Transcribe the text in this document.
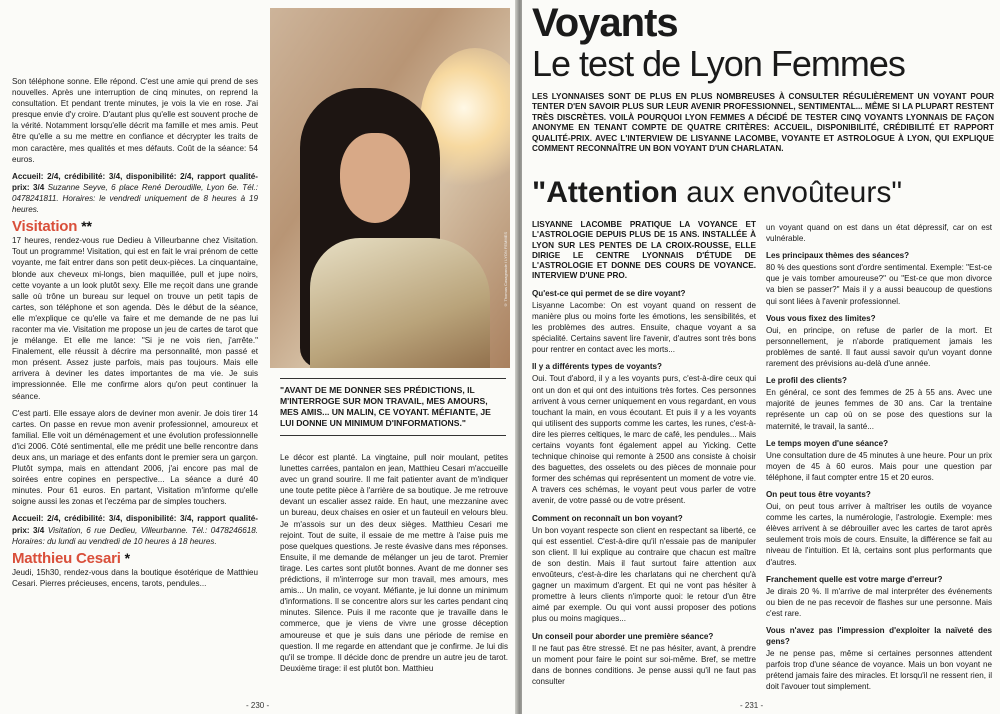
Son téléphone sonne. Elle répond. C'est une amie qui prend de ses nouvelles. Après une interruption de cinq minutes, on reprend la consultation. Et pendant trente minutes, je vois la vie en rose. J'ai presque envie d'y croire. D'autant plus qu'elle est souvent proche de la vérité. Notamment lorsqu'elle décrit ma famille et mes amis. Peut être qu'elle a su me mettre en confiance et décrypter les traits de mon caractère, mes qualités et mes défauts. Coût de la séance: 54 euros.

Accueil: 2/4, crédibilité: 3/4, disponibilité: 2/4, rapport qualité-prix: 3/4 Suzanne Seyve, 6 place René Deroudille, Lyon 6e. Tél.: 0478241811. Horaires: le vendredi uniquement de 8 heures à 19 heures.

Visitation **

17 heures, rendez-vous rue Dedieu à Villeurbanne chez Visitation. Tout un programme! Visitation, qui est en fait le vrai prénom de cette voyante, me fait entrer dans son petit deux-pièces. La cinquantaine, blonde aux cheveux mi-longs, bien maquillée, pull et jupe noirs, cette voyante a un look plutôt sexy. Elle me reçoit dans une grande salle où trône un bureau sur lequel on trouve un petit tapis de cartes, son téléphone et son agenda. Dès le début de la séance, elle m'explique ce qu'elle va faire et me demande de ne pas lui raconter ma vie. Visitation me propose un jeu de cartes de tarot que je mélange. Et elle me lance: "Si je ne vois rien, j'arrête." Finalement, elle réussit à décrire ma personnalité, mon passé et mon présent. Assez juste parfois, mais pas toujours. Mais elle arrivera à deviner les dates importantes de ma vie. Je suis impressionnée. Elle me confirme alors qu'on peut continuer la séance.

C'est parti. Elle essaye alors de deviner mon avenir. Je dois tirer 14 cartes. On passe en revue mon avenir professionnel, amoureux et familial. Elle voit un déménagement et une évolution professionnelle d'ici 2006. Côté sentimental, elle me prédit une belle rencontre dans deux ans, un mariage et des enfants dont le premier sera un garçon. Plutôt sympa, mais en attendant 2006, j'ai encore pas mal de soirées entre copines en perspective... La séance a duré 40 minutes. Pour 61 euros. En partant, Visitation m'informe qu'elle soigne aussi les zonas et l'eczéma par de simples touchers.

Accueil: 2/4, crédibilité: 3/4, disponibilité: 3/4, rapport qualité-prix: 3/4 Visitation, 6 rue Dedieu, Villeurbanne. Tél.: 0478246618. Horaires: du lundi au vendredi de 10 heures à 18 heures.

Matthieu Cesari *

Jeudi, 15h30, rendez-vous dans la boutique ésotérique de Matthieu Cesari. Pierres précieuses, encens, tarots, pendules...

© Thomas Casagrande / LYON FEMMES
"AVANT DE ME DONNER SES PRÉDICTIONS, IL M'INTERROGE SUR MON TRAVAIL, MES AMOURS, MES AMIS... UN MALIN, CE VOYANT. MÉFIANTE, JE LUI DONNE UN MINIMUM D'INFORMATIONS."

Le décor est planté. La vingtaine, pull noir moulant, petites lunettes carrées, pantalon en jean, Matthieu Cesari m'accueille avec un grand sourire. Il me fait patienter avant de m'indiquer une toute petite pièce à l'arrière de sa boutique. Je me retrouve devant un escalier assez raide. En haut, une mezzanine avec un bureau, deux chaises en osier et un fauteuil en velours bleu. Je m'assois sur un des deux sièges. Matthieu Cesari me rejoint. Tout de suite, il essaie de me mettre à l'aise puis me pose quelques questions. Je reste évasive dans mes réponses. Ensuite, il me demande de mélanger un jeu de tarot. Premier tirage. Les cartes sont plutôt bonnes. Avant de me donner ses prédictions, il m'interroge sur mon travail, mes amours, mes amis... Un malin, ce voyant. Méfiante, je lui donne un minimum d'informations. Il se concentre alors sur les cartes pendant cinq minutes. Silence. Puis il me raconte que je travaille dans le commerce, que je viens de vivre une grosse déception amoureuse et que je suis dans une période de remise en question. Il me regarde en attendant que je confirme. Je lui dis qu'il se trompe. Il décide donc de prendre un autre jeu de tarot. Deuxième tirage: il est plutôt bon. Matthieu

- 230 -
Voyants
Le test de Lyon Femmes
LES LYONNAISES SONT DE PLUS EN PLUS NOMBREUSES À CONSULTER RÉGULIÈREMENT UN VOYANT POUR TENTER D'EN SAVOIR PLUS SUR LEUR AVENIR PROFESSIONNEL, SENTIMENTAL... MÊME SI LA PLUPART RESTENT TRÈS DISCRÈTES. VOILÀ POURQUOI LYON FEMMES A DÉCIDÉ DE TESTER CINQ VOYANTS LYONNAIS DE FAÇON ANONYME EN TENANT COMPTE DE QUATRE CRITÈRES: ACCUEIL, DISPONIBILITÉ, CRÉDIBILITÉ ET RAPPORT QUALITÉ-PRIX. AVEC L'INTERVIEW DE LISYANNE LACOMBE, VOYANTE ET ASTROLOGUE À LYON, QUI EXPLIQUE COMMENT RECONNAÎTRE UN BON VOYANT D'UN CHARLATAN.
"Attention aux envoûteurs"
LISYANNE LACOMBE PRATIQUE LA VOYANCE ET L'ASTROLOGIE DEPUIS PLUS DE 15 ANS. INSTALLÉE À LYON SUR LES PENTES DE LA CROIX-ROUSSE, ELLE DIRIGE LE CENTRE LYONNAIS D'ÉTUDE DE L'ASTROLOGIE ET DONNE DES COURS DE VOYANCE. INTERVIEW D'UNE PRO.
Qu'est-ce qui permet de se dire voyant?

Lisyanne Lacombe: On est voyant quand on ressent de manière plus ou moins forte les émotions, les sensibilités, et les problèmes des autres. Ensuite, chaque voyant a sa spécialité. Certains savent lire l'avenir, d'autres sont très bons pour rentrer en contact avec les morts...

Il y a différents types de voyants?

Oui. Tout d'abord, il y a les voyants purs, c'est-à-dire ceux qui ont un don et qui ont des intuitions très fortes. Ces personnes arrivent à vous cerner uniquement en vous regardant, en vous touchant la main, en vous écoutant. Et puis il y a les voyants qui utilisent des supports comme les cartes, les runes, c'est-à-dire les pierres celtiques, le marc de café, les pendules... Mais certains voyants font également appel au Yicking. Cette technique chinoise qui remonte à 2500 ans consiste à choisir des baguettes, des osselets ou des pièces de monnaie pour former des schémas qui représentent un moment de votre vie. A travers ces schémas, le voyant peut vous parler de votre avenir, de votre passé ou de votre présent.

Comment on reconnaît un bon voyant?

Un bon voyant respecte son client en respectant sa liberté, ce qui est essentiel. C'est-à-dire qu'il n'essaie pas de manipuler son client. Il lui explique au contraire que chacun est maître de son destin. Mais il faut surtout faire attention aux envoûteurs, c'est-à-dire les charlatans qui ne cherchent qu'à gagner un maximum d'argent. Et qui ne vont pas hésiter à promettre à leurs clients n'importe quoi: le retour d'un être aimé par exemple. Ou qui vont aussi proposer des potions plus ou moins magiques...

Un conseil pour aborder une première séance?

Il ne faut pas être stressé. Et ne pas hésiter, avant, à prendre un moment pour faire le point sur soi-même. Bref, se mettre dans de bonnes conditions. Je pense aussi qu'il ne faut pas consulter

un voyant quand on est dans un état dépressif, car on est vulnérable.

Les principaux thèmes des séances?

80 % des questions sont d'ordre sentimental. Exemple: "Est-ce que je vais tomber amoureuse?" ou "Est-ce que mon divorce va bien se passer?" Mais il y a aussi beaucoup de questions qui sont liées à l'avenir professionnel.

Vous vous fixez des limites?

Oui, en principe, on refuse de parler de la mort. Et personnellement, je n'aborde pratiquement jamais les problèmes de santé. Il faut aussi savoir qu'un voyant donne rarement des prévisions au-delà d'une année.

Le profil des clients?

En général, ce sont des femmes de 25 à 55 ans. Avec une majorité de jeunes femmes de 30 ans. Car la trentaine représente un cap où on se pose des questions sur la maternité, le travail, la santé...

Le temps moyen d'une séance?

Une consultation dure de 45 minutes à une heure. Pour un prix moyen de 45 à 60 euros. Mais pour une question par téléphone, il faut compter entre 15 et 20 euros.

On peut tous être voyants?

Oui, on peut tous arriver à maîtriser les outils de voyance comme les cartes, la numérologie, l'astrologie. Exemple: mes élèves arrivent à se débrouiller avec les cartes de tarot après seulement trois mois de cours. Ensuite, la différence se fait au niveau de l'intuition. Et là, certains sont plus performants que d'autres.

Franchement quelle est votre marge d'erreur?

Je dirais 20 %. Il m'arrive de mal interpréter des événements ou bien de ne pas recevoir de flashes sur une personne. Mais c'est rare.

Vous n'avez pas l'impression d'exploiter la naïveté des gens?

Je ne pense pas, même si certaines personnes attendent parfois trop d'une séance de voyance. Mais un bon voyant ne prétend jamais faire des miracles. Et lorsqu'il ne ressent rien, il doit l'avouer tout simplement.

- 231 -
